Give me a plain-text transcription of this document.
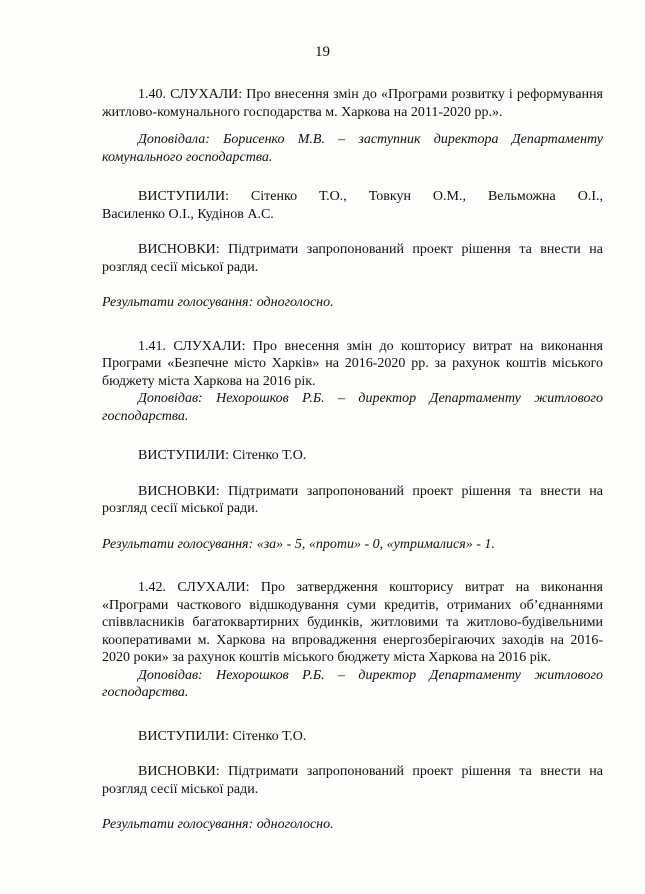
19

1.40. СЛУХАЛИ: Про внесення змін до «Програми розвитку і реформування житлово-комунального господарства м. Харкова на 2011-2020 рр.».

Доповідала: Борисенко М.В. – заступник директора Департаменту комунального господарства.

ВИСТУПИЛИ: Сітенко Т.О., Товкун О.М., Вельможна О.І.,

Василенко О.І., Кудінов А.С.

ВИСНОВКИ: Підтримати запропонований проект рішення та внести на розгляд сесії міської ради.

Результати голосування: одноголосно.

1.41. СЛУХАЛИ: Про внесення змін до кошторису витрат на виконання Програми «Безпечне місто Харків» на 2016-2020 рр. за рахунок коштів міського бюджету міста Харкова на 2016 рік.

Доповідав: Нехорошков Р.Б. – директор Департаменту житлового господарства.

ВИСТУПИЛИ: Сітенко Т.О.

ВИСНОВКИ: Підтримати запропонований проект рішення та внести на розгляд сесії міської ради.

Результати голосування: «за» - 5, «проти» - 0, «утрималися» - 1.

1.42. СЛУХАЛИ: Про затвердження кошторису витрат на виконання «Програми часткового відшкодування суми кредитів, отриманих об’єднаннями співвласників багатоквартирних будинків, житловими та житлово-будівельними кооперативами м. Харкова на впровадження енергозберігаючих заходів на 2016-2020 роки» за рахунок коштів міського бюджету міста Харкова на 2016 рік.

Доповідав: Нехорошков Р.Б. – директор Департаменту житлового господарства.

ВИСТУПИЛИ: Сітенко Т.О.

ВИСНОВКИ: Підтримати запропонований проект рішення та внести на розгляд сесії міської ради.

Результати голосування: одноголосно.
